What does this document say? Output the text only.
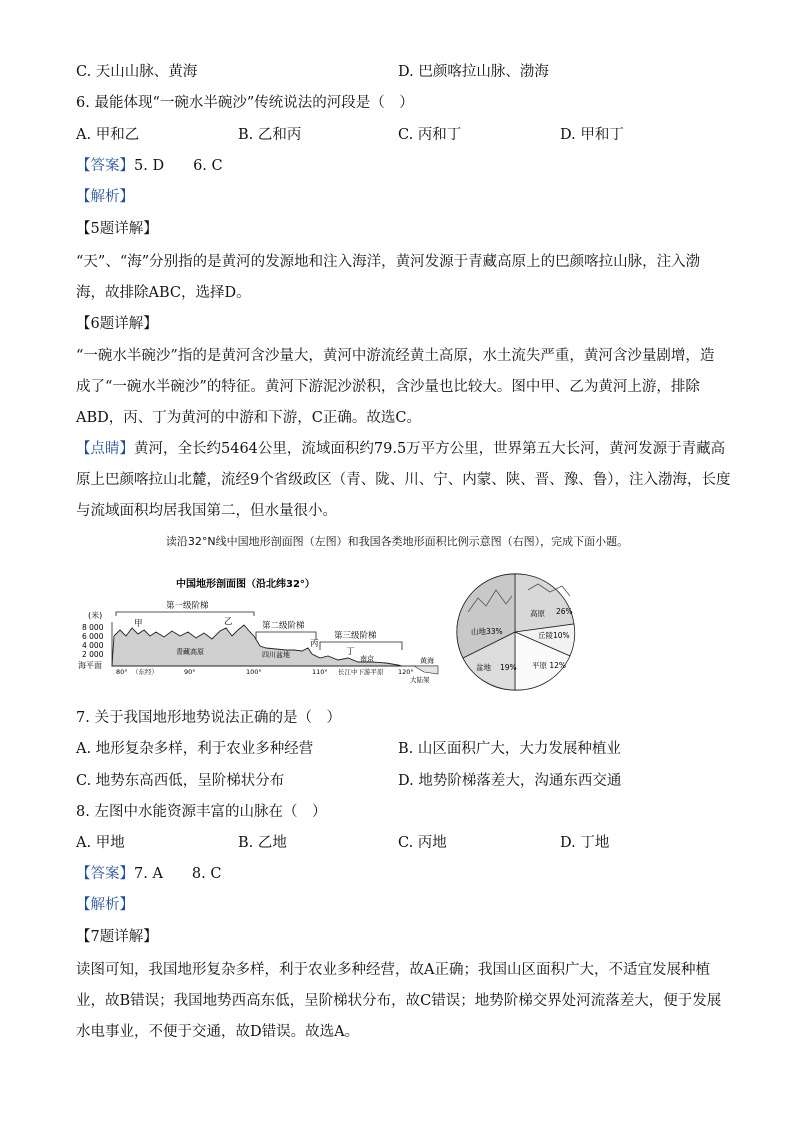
C. 天山山脉、黄海	D. 巴颜喀拉山脉、渤海
6. 最能体现“一碗水半碗沙”传统说法的河段是（　）
A. 甲和乙	B. 乙和丙	C. 丙和丁	D. 甲和丁
【答案】5. D　　6. C
【解析】
【5题详解】
“天”、“海”分别指的是黄河的发源地和注入海洋，黄河发源于青藏高原上的巴颜喀拉山脉，注入渤
海，故排除ABC，选择D。
【6题详解】
“一碗水半碗沙”指的是黄河含沙量大，黄河中游流经黄土高原，水土流失严重，黄河含沙量剧增，造
成了“一碗水半碗沙”的特征。黄河下游泥沙淤积，含沙量也比较大。图中甲、乙为黄河上游，排除
ABD，丙、丁为黄河的中游和下游，C正确。故选C。
【点睛】黄河，全长约5464公里，流域面积约79.5万平方公里，世界第五大长河，黄河发源于青藏高
原上巴颜喀拉山北麓，流经9个省级政区（青、陇、川、宁、内蒙、陕、晋、豫、鲁），注入渤海，长度
与流域面积均居我国第二，但水量很小。
读沿32°N线中国地形剖面图（左图）和我国各类地形面积比例示意图（右图），完成下面小题。
中国地形剖面图（沿北纬32°）
(米)
8 000
6 000
4 000
2 000
海平面
第一级阶梯
第二级阶梯
第三级阶梯
甲	乙
丙
丁
青藏高原	四川盆地	南京	黄海
长江中下游平原
大陆架
80° （东经）	90°	100°	110°	120°
山地33%
高原 26%
丘陵10%
盆地 19% 平原 12%
7. 关于我国地形地势说法正确的是（　）
A. 地形复杂多样，利于农业多种经营	B. 山区面积广大，大力发展种植业
C. 地势东高西低，呈阶梯状分布	D. 地势阶梯落差大，沟通东西交通
8. 左图中水能资源丰富的山脉在（　）
A. 甲地	B. 乙地	C. 丙地	D. 丁地
【答案】7. A　　8. C
【解析】
【7题详解】
读图可知，我国地形复杂多样，利于农业多种经营，故A正确；我国山区面积广大，不适宜发展种植
业，故B错误；我国地势西高东低，呈阶梯状分布，故C错误；地势阶梯交界处河流落差大，便于发展
水电事业，不便于交通，故D错误。故选A。
